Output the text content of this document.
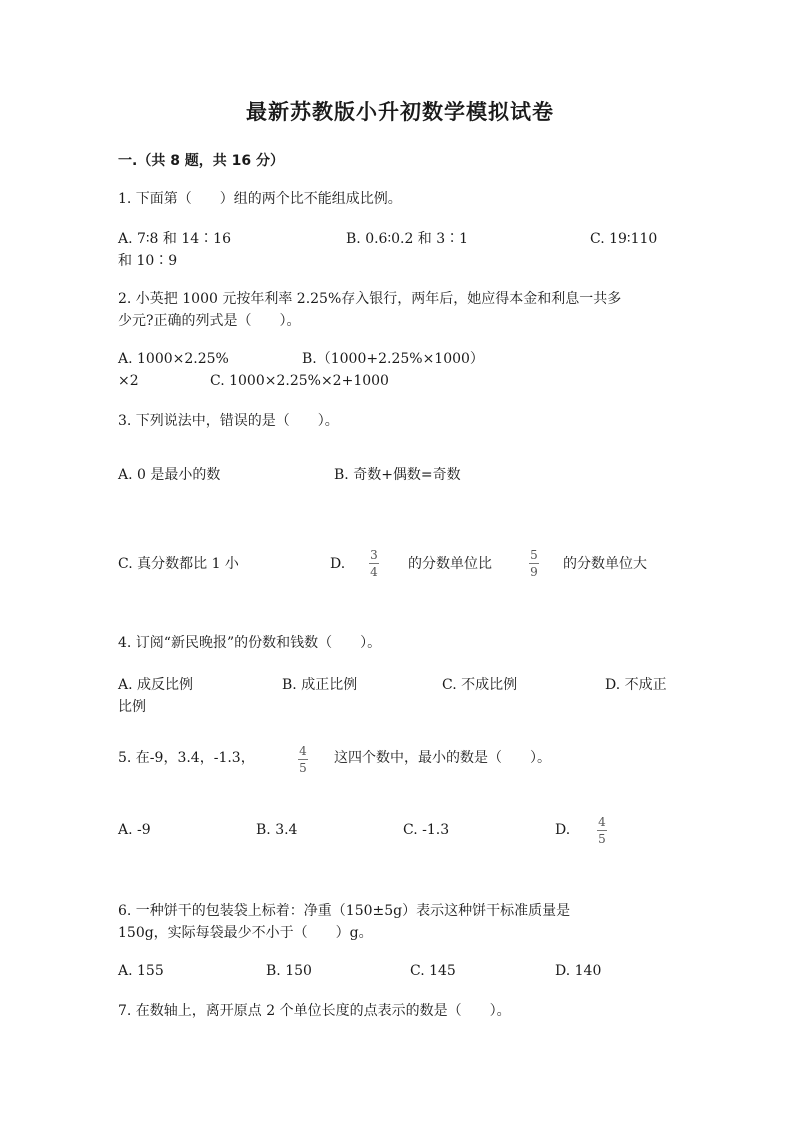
最新苏教版小升初数学模拟试卷
一.（共 8 题，共 16 分）
1. 下面第（　　）组的两个比不能组成比例。
A. 7∶8 和 14∶16	B. 0.6∶0.2 和 3∶1	C. 19∶110
和 10∶9
2. 小英把 1000 元按年利率 2.25%存入银行，两年后，她应得本金和利息一共多
少元?正确的列式是（　　）。
A. 1000×2.25%	B.（1000+2.25%×1000）
×2	C. 1000×2.25%×2+1000
3. 下列说法中，错误的是（　　）。
A. 0 是最小的数	B. 奇数+偶数=奇数
C. 真分数都比 1 小	D.
3
4 的分数单位比
5
9 的分数单位大
4. 订阅“新民晚报”的份数和钱数（　　）。
A. 成反比例	B. 成正比例	C. 不成比例	D. 不成正
比例
5. 在-9，3.4，-1.3，	4
5
这四个数中，最小的数是（　　）。
A. -9	B. 3.4	C. -1.3	D. 4
5
6. 一种饼干的包装袋上标着：净重（150±5g）表示这种饼干标准质量是
150g，实际每袋最少不小于（　　）g。
A. 155	B. 150	C. 145	D. 140
7. 在数轴上，离开原点 2 个单位长度的点表示的数是（　　）。
